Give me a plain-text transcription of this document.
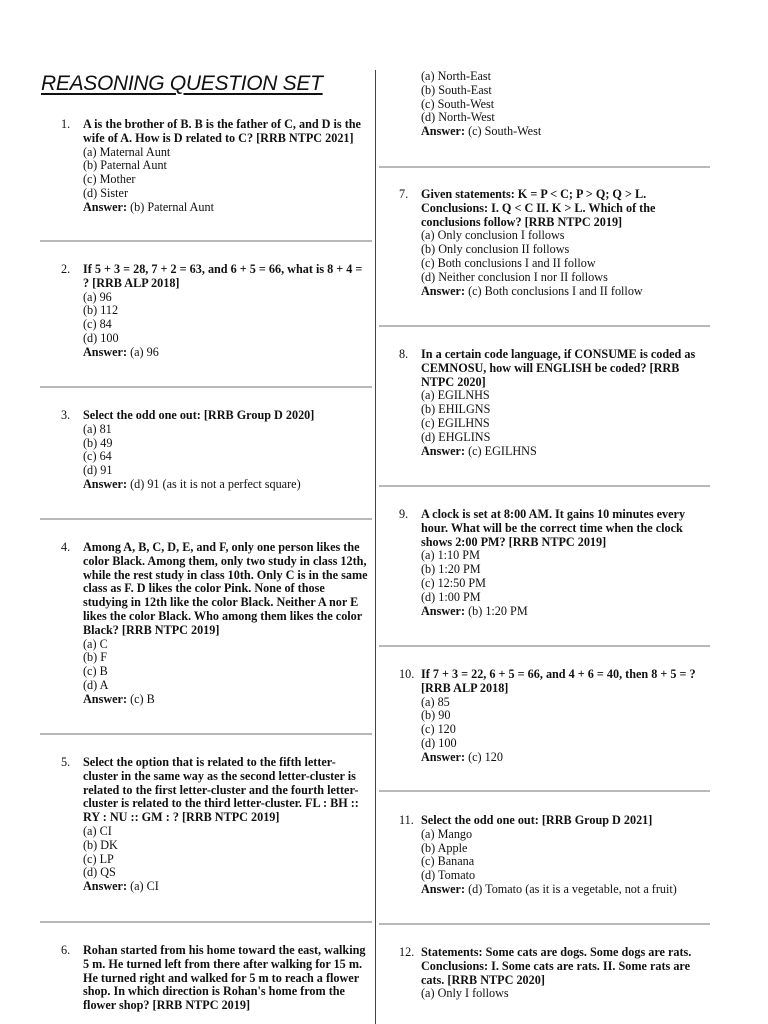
REASONING QUESTION SET
1. A is the brother of B. B is the father of C, and D is the wife of A. How is D related to C? [RRB NTPC 2021]
(a) Maternal Aunt
(b) Paternal Aunt
(c) Mother
(d) Sister
Answer: (b) Paternal Aunt
2. If 5 + 3 = 28, 7 + 2 = 63, and 6 + 5 = 66, what is 8 + 4 = ? [RRB ALP 2018]
(a) 96
(b) 112
(c) 84
(d) 100
Answer: (a) 96
3. Select the odd one out: [RRB Group D 2020]
(a) 81
(b) 49
(c) 64
(d) 91
Answer: (d) 91 (as it is not a perfect square)
4. Among A, B, C, D, E, and F, only one person likes the color Black. Among them, only two study in class 12th, while the rest study in class 10th. Only C is in the same class as F. D likes the color Pink. None of those studying in 12th like the color Black. Neither A nor E likes the color Black. Who among them likes the color Black? [RRB NTPC 2019]
(a) C
(b) F
(c) B
(d) A
Answer: (c) B
5. Select the option that is related to the fifth letter-cluster in the same way as the second letter-cluster is related to the first letter-cluster and the fourth letter-cluster is related to the third letter-cluster. FL : BH :: RY : NU :: GM : ? [RRB NTPC 2019]
(a) CI
(b) DK
(c) LP
(d) QS
Answer: (a) CI
6. Rohan started from his home toward the east, walking 5 m. He turned left from there after walking for 15 m. He turned right and walked for 5 m to reach a flower shop. In which direction is Rohan's home from the flower shop? [RRB NTPC 2019]
(a) North-East
(b) South-East
(c) South-West
(d) North-West
Answer: (c) South-West
7. Given statements: K = P < C; P > Q; Q > L. Conclusions: I. Q < C II. K > L. Which of the conclusions follow? [RRB NTPC 2019]
(a) Only conclusion I follows
(b) Only conclusion II follows
(c) Both conclusions I and II follow
(d) Neither conclusion I nor II follows
Answer: (c) Both conclusions I and II follow
8. In a certain code language, if CONSUME is coded as CEMNOSU, how will ENGLISH be coded? [RRB NTPC 2020]
(a) EGILNHS
(b) EHILGNS
(c) EGILHNS
(d) EHGLINS
Answer: (c) EGILHNS
9. A clock is set at 8:00 AM. It gains 10 minutes every hour. What will be the correct time when the clock shows 2:00 PM? [RRB NTPC 2019]
(a) 1:10 PM
(b) 1:20 PM
(c) 12:50 PM
(d) 1:00 PM
Answer: (b) 1:20 PM
10. If 7 + 3 = 22, 6 + 5 = 66, and 4 + 6 = 40, then 8 + 5 = ? [RRB ALP 2018]
(a) 85
(b) 90
(c) 120
(d) 100
Answer: (c) 120
11. Select the odd one out: [RRB Group D 2021]
(a) Mango
(b) Apple
(c) Banana
(d) Tomato
Answer: (d) Tomato (as it is a vegetable, not a fruit)
12. Statements: Some cats are dogs. Some dogs are rats. Conclusions: I. Some cats are rats. II. Some rats are cats. [RRB NTPC 2020]
(a) Only I follows
